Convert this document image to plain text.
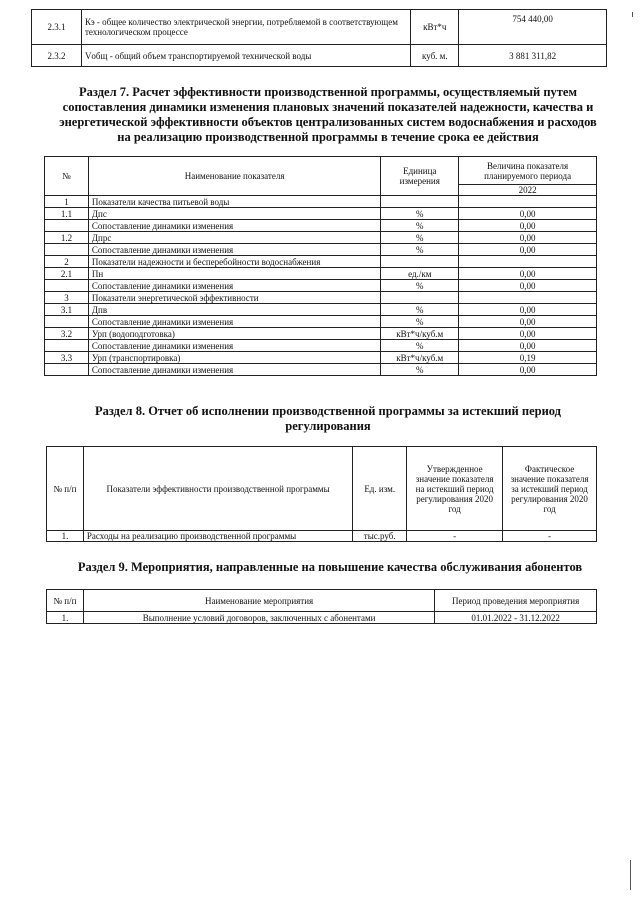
2.3.1	Кэ - общее количество электрической энергии, потребляемой в соответствующем технологическом процессе	кВт*ч	754 440,00
2.3.2	Vобщ - общий объем транспортируемой технической воды	куб. м.	3 881 311,82
Раздел 7. Расчет эффективности производственной программы, осуществляемый путем сопоставления динамики изменения плановых значений показателей надежности, качества и энергетической эффективности объектов централизованных систем водоснабжения и расходов на реализацию производственной программы в течение срока ее действия
№	Наименование показателя	Единица измерения	Величина показателя планируемого периода
			2022
1	Показатели качества питьевой воды		
1.1	Дпс	%	0,00
	Сопоставление динамики изменения	%	0,00
1.2	Дпрс	%	0,00
	Сопоставление динамики изменения	%	0,00
2	Показатели надежности и бесперебойности водоснабжения		
2.1	Пн	ед./км	0,00
	Сопоставление динамики изменения	%	0,00
3	Показатели энергетической эффективности		
3.1	Дпв	%	0,00
	Сопоставление динамики изменения	%	0,00
3.2	Урп (водоподготовка)	кВт*ч/куб.м	0,00
	Сопоставление динамики изменения	%	0,00
3.3	Урп (транспортировка)	кВт*ч/куб.м	0,19
	Сопоставление динамики изменения	%	0,00
Раздел 8. Отчет об исполнении производственной программы за истекший период регулирования
№ п/п	Показатели эффективности производственной программы	Ед. изм.	Утвержденное значение показателя на истекший период регулирования 2020 год	Фактическое значение показателя за истекший период регулирования 2020 год
1.	Расходы на реализацию производственной программы	тыс.руб.	-	-
Раздел 9. Мероприятия, направленные на повышение качества обслуживания абонентов
№ п/п	Наименование мероприятия	Период проведения мероприятия
1.	Выполнение условий договоров, заключенных с абонентами	01.01.2022 - 31.12.2022
